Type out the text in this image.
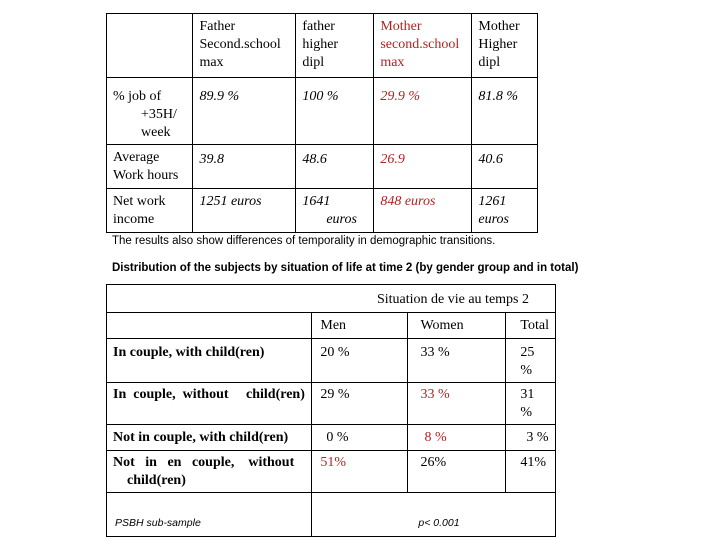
	Father
Second.school
max	father
higher
dipl	Mother
second.school
max	Mother
Higher
dipl
% job of

+35H/
week	89.9 %	100 %	29.9 %	81.8 %
Average
Work hours	39.8	48.6	26.9	40.6
Net work
income	1251 euros	1641
euros	848 euros	1261 euros
The results also show differences of temporality in demographic transitions.
Distribution of the subjects by situation of life at time 2 (by gender group and in total)

	Situation de vie au temps 2		

	Men	Women	Total
In couple, with child(ren)	20 %	33 %	25 %
In  couple,  without     child(ren)	29 %	33 %	31 %
Not in couple, with child(ren)	0 %	8 %	3 %
Not   in   en   couple,    without
child(ren)	51%	26%	41%
PSBH sub-sample	p< 0.001		
